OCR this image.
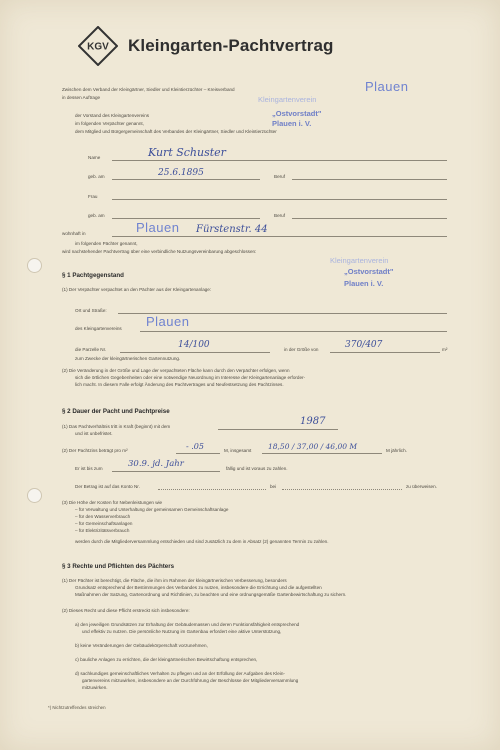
KGV Kleingarten-Pachtvertrag
Zwischen dem Verband der Kleingärtner, Siedler und Kleintierzüchter – Kreisverband	Plauen
in dessen Auftrage	Kleingartenverein
der Vorstand des Kleingartenvereins	„Ostvorstadt"
im folgenden Verpächter genannt,	Plauen i. V.
dem Mitglied und Bürgergemeinschaft des Verbandes der Kleingärtner, Siedler und Kleintierzüchter
Name	Kurt Schuster
geb. am	25.6.1895	Beruf
Frau
geb. am	Beruf
wohnhaft in	Plauen Fürstenstr. 44
im folgenden Pächter genannt,
wird nachstehender Pachtvertrag über eine verbindliche Nutzungsvereinbarung abgeschlossen:
Kleingartenverein
„Ostvorstadt"
Plauen i. V.
§ 1 Pachtgegenstand
(1) Der Verpächter verpachtet an den Pächter aus der Kleingartenanlage:
Ort und Straße:
des Kleingartenvereins Plauen
die Parzelle Nr.	14/100	in der Größe von	370/407	m²
zum Zwecke der kleingärtnerischen Gartennutzung.
(2) Die Veränderung in der Größe und Lage der verpachteten Fläche kann durch den Verpächter erfolgen, wenn
sich die örtlichen Gegebenheiten oder eine notwendige Neuordnung im Interesse der Kleingartenanlage erforder-
lich macht. In diesem Falle erfolgt Änderung des Pachtvertrages und Neufestsetzung des Pachtzinses.
§ 2 Dauer der Pacht und Pachtpreise
(1) Das Pachtverhältnis tritt in Kraft (beginnt) mit dem	1987
und ist unbefristet.
(2) Der Pachtzins beträgt pro m²	- .05	M, insgesamt 18,50 / 37,00 / 46,00 M	M jährlich.
Er ist bis zum	30.9. jd. Jahr	fällig und ist voraus zu zahlen.
Der Betrag ist auf das Konto Nr.	bei	zu überweisen.
(3) Die Höhe der Kosten für Nebenleistungen wie
– für Verwaltung und Unterhaltung der gemeinsamen Gemeinschaftsanlage
– für den Wasserverbrauch
– für Gemeinschaftsanlagen
– für Elektrizitätsverbrauch
werden durch die Mitgliederversammlung entschieden und sind zusätzlich zu dem in Absatz (2) genannten Termin zu zahlen.
§ 3 Rechte und Pflichten des Pächters
(1) Der Pächter ist berechtigt, die Fläche, die ihm im Rahmen der kleingärtnerischen Verbesserung, besonders
Grundsatz entsprechend der Bestimmungen des Verbandes zu nutzen, insbesondere die Errichtung und die aufgestellten
Maßnahmen der Satzung, Gartenordnung und Richtlinien, zu beachten und eine ordnungsgemäße Gartenbewirtschaftung zu sichern.
(2) Dieses Recht und diese Pflicht erstreckt sich insbesondere:
a) den jeweiligen Grundsätzen zur Erhaltung der Gebäudemassen und deren Funktionsfähigkeit entsprechend
und effektiv zu nutzen. Die persönliche Nutzung im Gartenbau erfordert eine aktive Unterstützung,
b) keine Veränderungen der Gebäudekörperschaft vorzunehmen,
c) bauliche Anlagen zu errichten, die der kleingärtnerischen Bewirtschaftung entsprechen,
d) sachkundiges gemeinschaftliches Verhalten zu pflegen und an der Erfüllung der Aufgaben des Klein-
gartenvereins mitzuwirken, insbesondere an der Durchführung der Beschlüsse der Mitgliederversammlung
mitzuwirken.
*) Nichtzutreffendes streichen
